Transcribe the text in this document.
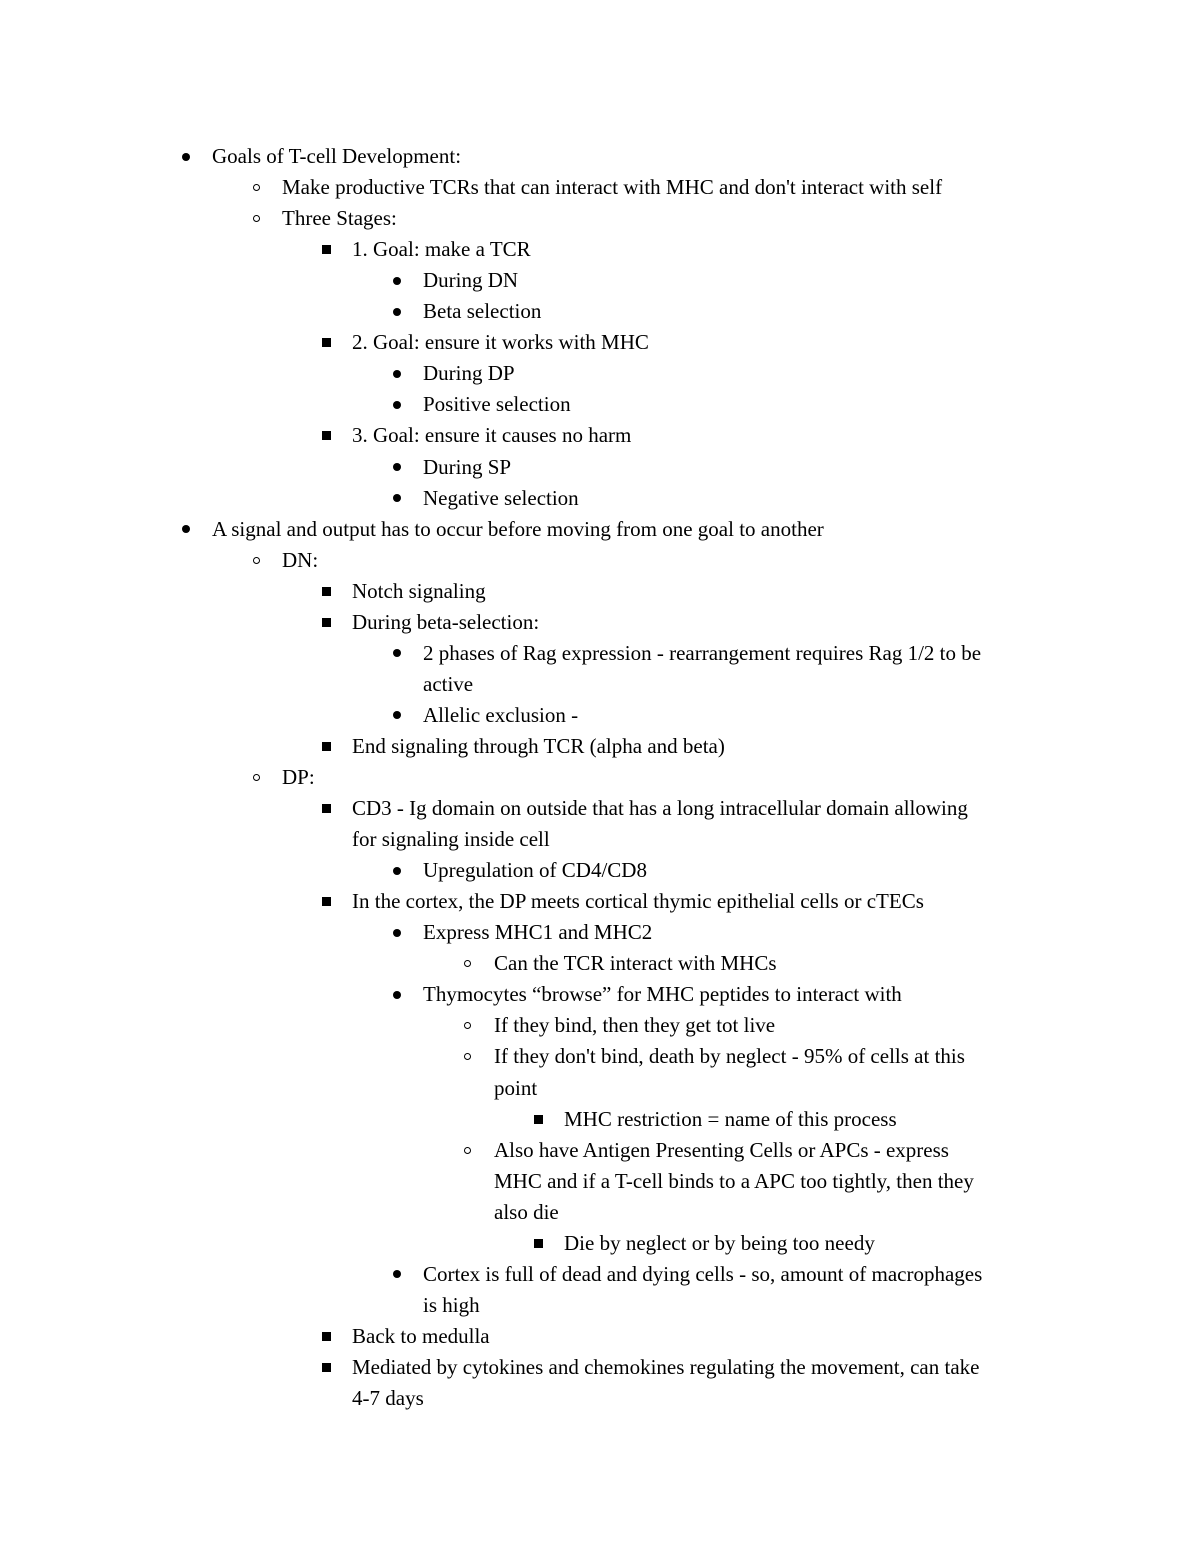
Goals of T-cell Development:
Make productive TCRs that can interact with MHC and don't interact with self
Three Stages:
1. Goal: make a TCR
During DN
Beta selection
2. Goal: ensure it works with MHC
During DP
Positive selection
3. Goal: ensure it causes no harm
During SP
Negative selection
A signal and output has to occur before moving from one goal to another
DN:
Notch signaling
During beta-selection:
2 phases of Rag expression - rearrangement requires Rag 1/2 to be
active
Allelic exclusion -
End signaling through TCR (alpha and beta)
DP:
CD3 - Ig domain on outside that has a long intracellular domain allowing
for signaling inside cell
Upregulation of CD4/CD8
In the cortex, the DP meets cortical thymic epithelial cells or cTECs
Express MHC1 and MHC2
Can the TCR interact with MHCs
Thymocytes “browse” for MHC peptides to interact with
If they bind, then they get tot live
If they don't bind, death by neglect - 95% of cells at this
point
MHC restriction = name of this process
Also have Antigen Presenting Cells or APCs - express
MHC and if a T-cell binds to a APC too tightly, then they
also die
Die by neglect or by being too needy
Cortex is full of dead and dying cells - so, amount of macrophages
is high
Back to medulla
Mediated by cytokines and chemokines regulating the movement, can take
4-7 days
